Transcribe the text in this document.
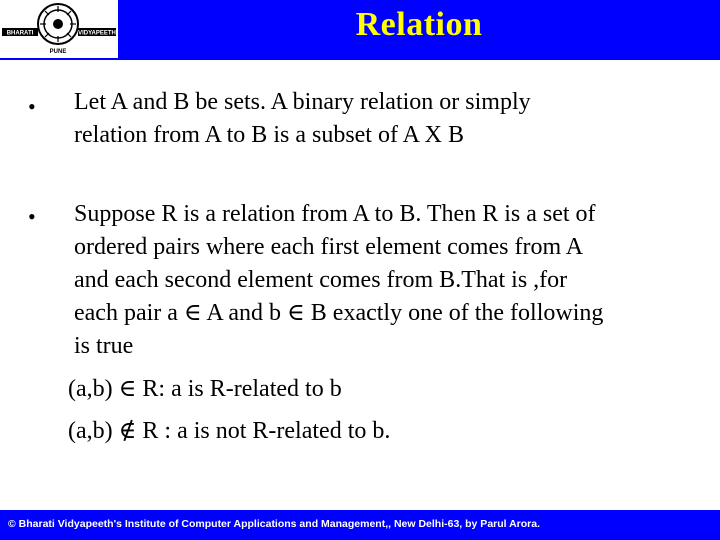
BHARATI	VIDYAPEETH
PUNE
Relation
• Let A and B be sets. A binary relation or simply
relation from A to B is a subset of A X B
• Suppose R is a relation from A to B. Then R is a set of
ordered pairs where each first element comes from A
and each second element comes from B.That is ,for
each pair a ∈ A and b ∈ B exactly one of the following
is true
(a,b) ∈ R: a is R-related to b
(a,b) ∉ R : a is not R-related to b.
© Bharati Vidyapeeth's Institute of Computer Applications and Management,, New Delhi-63, by Parul Arora.
